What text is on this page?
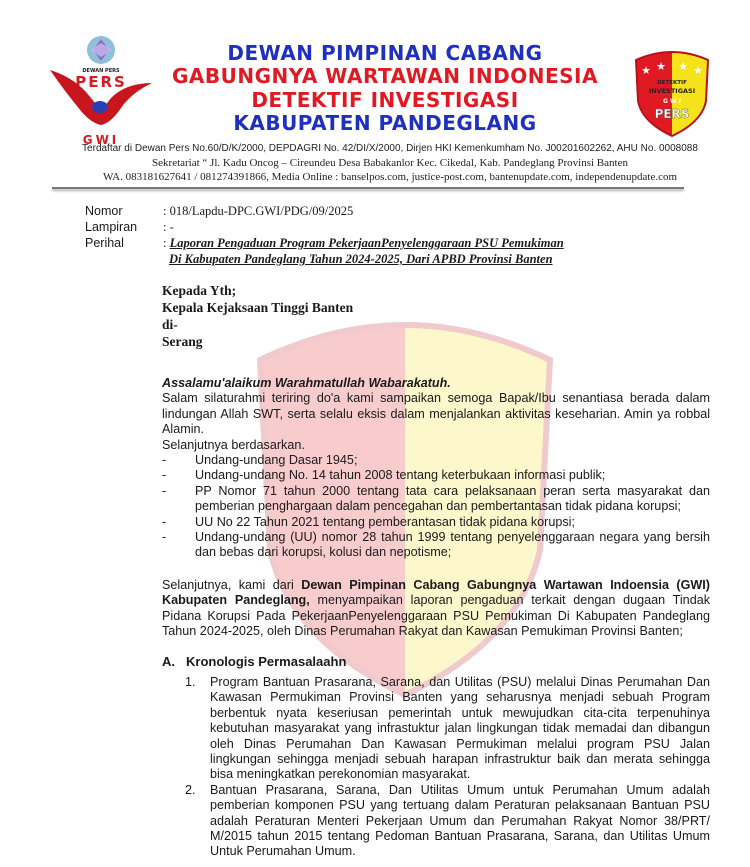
DEWAN PERS
PERS
GWI
★ ★ ★ ★
DETEKTIF
INVESTIGASI
G W I
PERS
DEWAN PIMPINAN CABANG
GABUNGNYA WARTAWAN INDONESIA
DETEKTIF INVESTIGASI
KABUPATEN PANDEGLANG
Terdaftar di Dewan Pers No.60/D/K/2000, DEPDAGRI No. 42/DI/X/2000, Dirjen HKI Kemenkumham No. J00201602262, AHU No. 0008088
Sekretariat “ Jl. Kadu Oncog – Cireundeu Desa Babakanlor Kec. Cikedal, Kab. Pandeglang Provinsi Banten
WA. 083181627641 / 081274391866, Media Online : banselpos.com, justice-post.com, bantenupdate.com, independenupdate.com
Nomor	: 018/Lapdu-DPC.GWI/PDG/09/2025
Lampiran	: -
Perihal	: Laporan Pengaduan Program PekerjaanPenyelenggaraan PSU Pemukiman
Di Kabupaten Pandeglang Tahun 2024-2025, Dari APBD Provinsi Banten
Kepada Yth;
Kepala Kejaksaan Tinggi Banten
di-
Serang
Assalamu'alaikum Warahmatullah Wabarakatuh.
Salam silaturahmi teriring do'a kami sampaikan semoga Bapak/Ibu senantiasa berada dalam lindungan Allah SWT, serta selalu eksis dalam menjalankan aktivitas keseharian. Amin ya robbal Alamin.
Selanjutnya berdasarkan.
- Undang-undang Dasar 1945;
- Undang-undang No. 14 tahun 2008 tentang keterbukaan informasi publik;
- PP Nomor 71 tahun 2000 tentang tata cara pelaksanaan peran serta masyarakat dan pemberian penghargaan dalam pencegahan dan pembertantasan tidak pidana korupsi;
- UU No 22 Tahun 2021 tentang pemberantasan tidak pidana korupsi;
- Undang-undang (UU) nomor 28 tahun 1999 tentang penyelenggaraan negara yang bersih dan bebas dari korupsi, kolusi dan nepotisme;
Selanjutnya, kami dari Dewan Pimpinan Cabang Gabungnya Wartawan Indoensia (GWI) Kabupaten Pandeglang, menyampaikan laporan pengaduan terkait dengan dugaan Tindak Pidana Korupsi Pada PekerjaanPenyelenggaraan PSU Pemukiman Di Kabupaten Pandeglang Tahun 2024-2025, oleh Dinas Perumahan Rakyat dan Kawasan Pemukiman Provinsi Banten;
A. Kronologis Permasalaahn
1. Program Bantuan Prasarana, Sarana, dan Utilitas (PSU) melalui Dinas Perumahan Dan Kawasan Permukiman Provinsi Banten yang seharusnya menjadi sebuah Program berbentuk nyata keseriusan pemerintah untuk mewujudkan cita-cita terpenuhinya kebutuhan masyarakat yang infrastuktur jalan lingkungan tidak memadai dan dibangun oleh Dinas Perumahan Dan Kawasan Permukiman melalui program PSU Jalan lingkungan sehingga menjadi sebuah harapan infrastruktur baik dan merata sehingga bisa meningkatkan perekonomian masyarakat.
2. Bantuan Prasarana, Sarana, Dan Utilitas Umum untuk Perumahan Umum adalah pemberian komponen PSU yang tertuang dalam Peraturan pelaksanaan Bantuan PSU adalah Peraturan Menteri Pekerjaan Umum dan Perumahan Rakyat Nomor 38/PRT/ M/2015 tahun 2015 tentang Pedoman Bantuan Prasarana, Sarana, dan Utilitas Umum Untuk Perumahan Umum.
